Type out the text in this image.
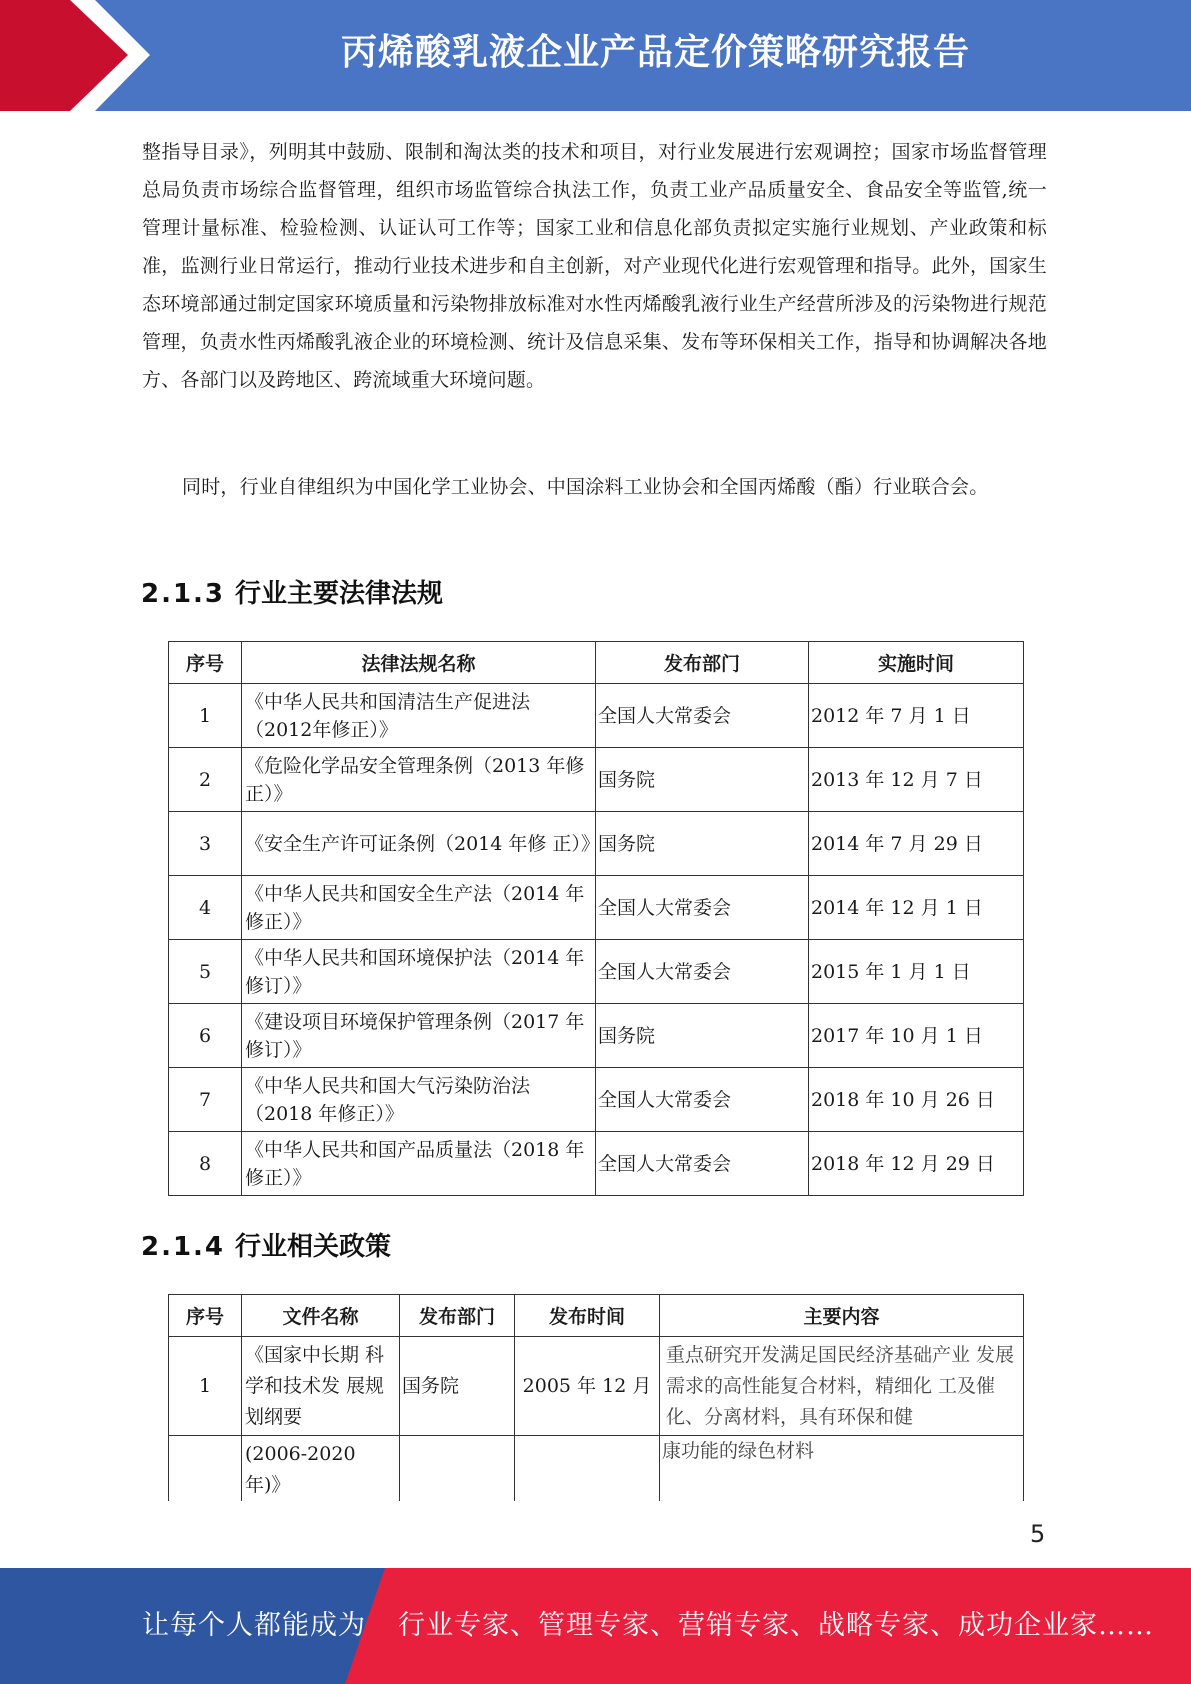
丙烯酸乳液企业产品定价策略研究报告

整指导目录》，列明其中鼓励、限制和淘汰类的技术和项目，对行业发展进行宏观调控；国家市场监督管理总局负责市场综合监督管理，组织市场监管综合执法工作，负责工业产品质量安全、食品安全等监管,统一管理计量标准、检验检测、认证认可工作等；国家工业和信息化部负责拟定实施行业规划、产业政策和标准，监测行业日常运行，推动行业技术进步和自主创新，对产业现代化进行宏观管理和指导。此外，国家生态环境部通过制定国家环境质量和污染物排放标准对水性丙烯酸乳液行业生产经营所涉及的污染物进行规范管理，负责水性丙烯酸乳液企业的环境检测、统计及信息采集、发布等环保相关工作，指导和协调解决各地方、各部门以及跨地区、跨流域重大环境问题。

同时，行业自律组织为中国化学工业协会、中国涂料工业协会和全国丙烯酸（酯）行业联合会。

2.1.3 行业主要法律法规
序号	法律法规名称	发布部门	实施时间
1	《中华人民共和国清洁生产促进法（2012年修正）》	全国人大常委会	2012 年 7 月 1 日
2	《危险化学品安全管理条例（2013 年修正）》	国务院	2013 年 12 月 7 日
3	《安全生产许可证条例（2014 年修 正）》	国务院	2014 年 7 月 29 日
4	《中华人民共和国安全生产法（2014 年修正）》	全国人大常委会	2014 年 12 月 1 日
5	《中华人民共和国环境保护法（2014 年修订）》	全国人大常委会	2015 年 1 月 1 日
6	《建设项目环境保护管理条例（2017 年修订）》	国务院	2017 年 10 月 1 日
7	《中华人民共和国大气污染防治法（2018 年修正）》	全国人大常委会	2018 年 10 月 26 日
8	《中华人民共和国产品质量法（2018 年修正）》	全国人大常委会	2018 年 12 月 29 日
2.1.4 行业相关政策
序号	文件名称	发布部门	发布时间	主要内容
1	《国家中长期 科学和技术发 展规划纲要	国务院	2005 年 12 月	重点研究开发满足国民经济基础产业 发展需求的高性能复合材料，精细化 工及催化、分离材料，具有环保和健
	(2006-2020 年)》			康功能的绿色材料
5
让每个人都能成为 行业专家、管理专家、营销专家、战略专家、成功企业家……
